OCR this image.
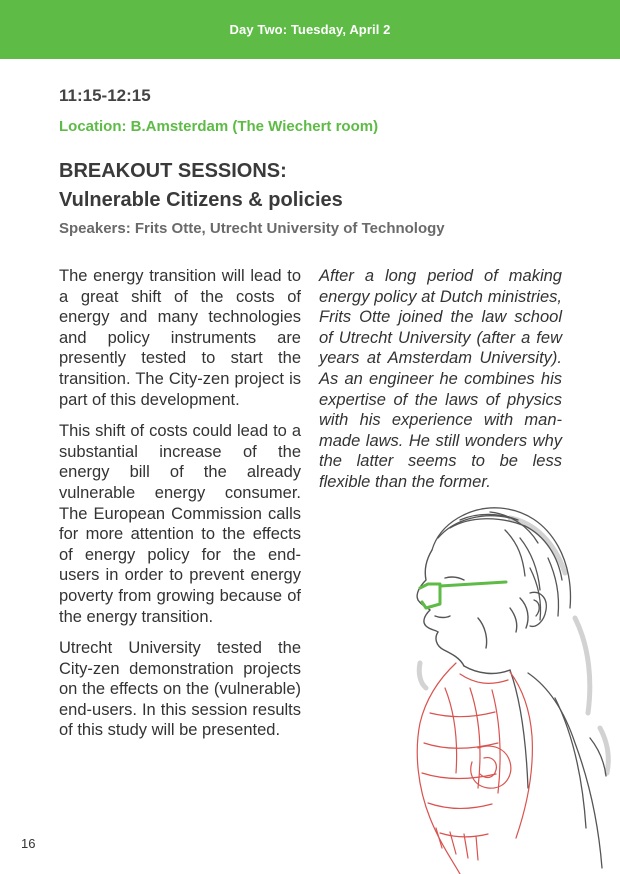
Day Two: Tuesday, April 2
11:15-12:15
Location: B.Amsterdam (The Wiechert room)
BREAKOUT SESSIONS:
Vulnerable Citizens & policies
Speakers: Frits Otte, Utrecht University of Technology

The energy transition will lead to a great shift of the costs of energy and many technologies and policy instruments are presently tested to start the transition. The City-zen project is part of this development.

This shift of costs could lead to a substantial increase of the energy bill of the already vulnerable energy consumer. The European Commission calls for more attention to the effects of energy policy for the end-users in order to prevent energy poverty from growing because of the energy transition.

Utrecht University tested the City-zen demonstration projects on the effects on the (vulnerable) end-users. In this session results of this study will be presented.

After a long period of making energy policy at Dutch ministries, Frits Otte joined the law school of Utrecht University (after a few years at Amsterdam University). As an engineer he combines his expertise of the laws of physics with his experience with man-made laws. He still wonders why the latter seems to be less flexible than the former.

16
